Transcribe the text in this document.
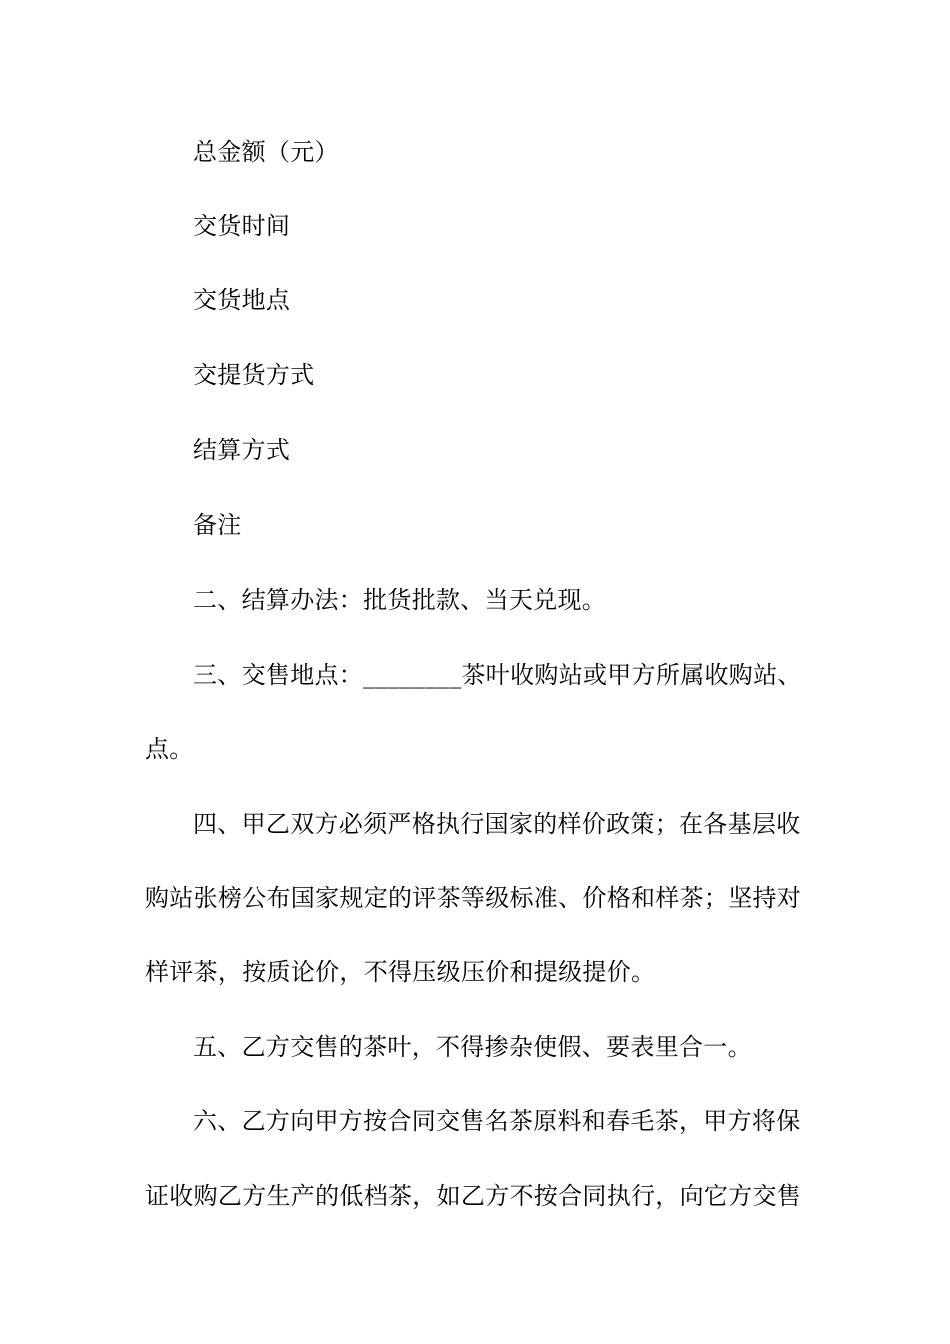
总金额（元）
交货时间
交货地点
交提货方式
结算方式
备注
二、结算办法：批货批款、当天兑现。
三、交售地点：________茶叶收购站或甲方所属收购站、
点。
四、甲乙双方必须严格执行国家的样价政策；在各基层收
购站张榜公布国家规定的评茶等级标准、价格和样茶；坚持对
样评茶，按质论价，不得压级压价和提级提价。
五、乙方交售的茶叶，不得掺杂使假、要表里合一。
六、乙方向甲方按合同交售名茶原料和春毛茶，甲方将保
证收购乙方生产的低档茶，如乙方不按合同执行，向它方交售
